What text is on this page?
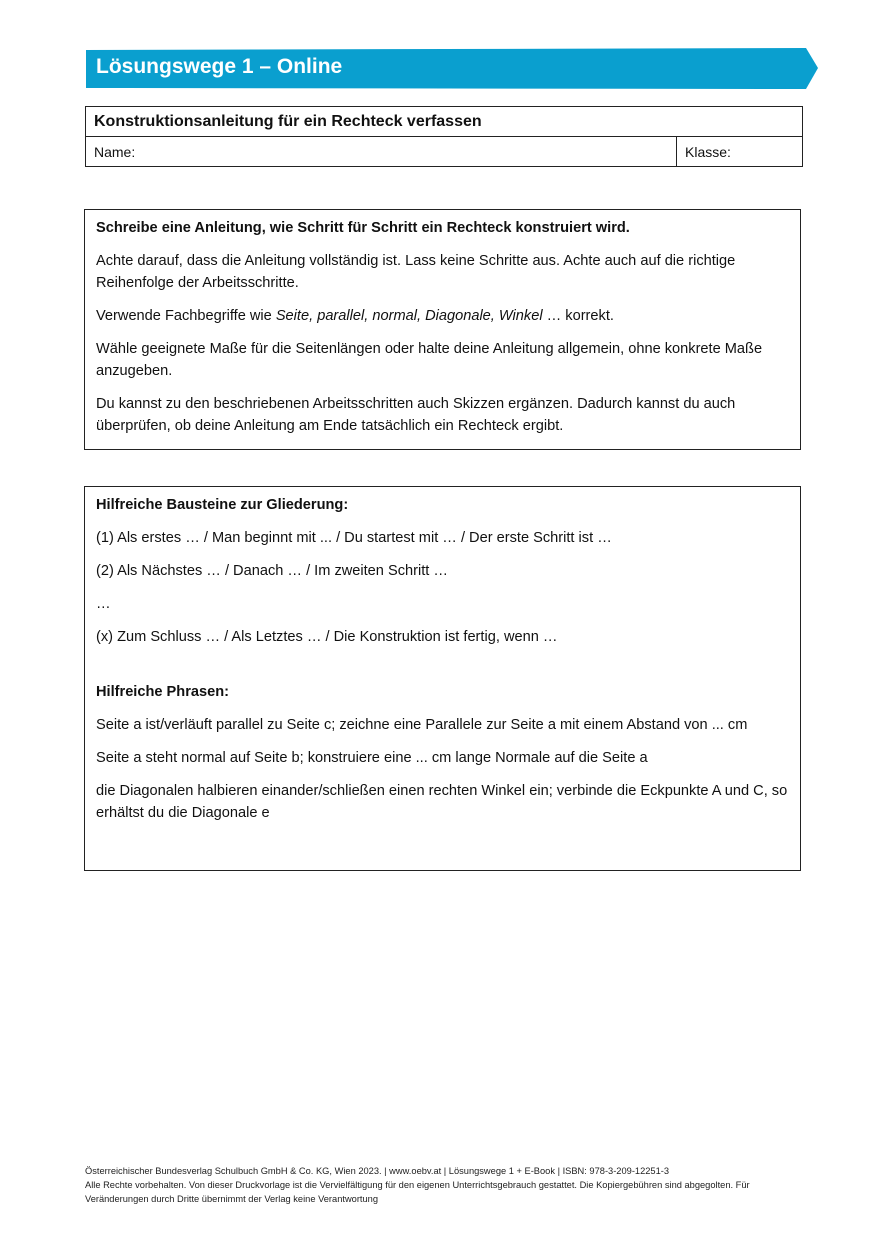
Lösungswege 1 – Online
Konstruktionsanleitung für ein Rechteck verfassen
Name:	Klasse:

Schreibe eine Anleitung, wie Schritt für Schritt ein Rechteck konstruiert wird.

Achte darauf, dass die Anleitung vollständig ist. Lass keine Schritte aus. Achte auch auf die richtige Reihenfolge der Arbeitsschritte.

Verwende Fachbegriffe wie Seite, parallel, normal, Diagonale, Winkel … korrekt.

Wähle geeignete Maße für die Seitenlängen oder halte deine Anleitung allgemein, ohne konkrete Maße anzugeben.

Du kannst zu den beschriebenen Arbeitsschritten auch Skizzen ergänzen. Dadurch kannst du auch überprüfen, ob deine Anleitung am Ende tatsächlich ein Rechteck ergibt.

Hilfreiche Bausteine zur Gliederung:

(1) Als erstes … / Man beginnt mit ... / Du startest mit … / Der erste Schritt ist …

(2) Als Nächstes … / Danach … / Im zweiten Schritt …

…

(x) Zum Schluss … / Als Letztes … / Die Konstruktion ist fertig, wenn …

Hilfreiche Phrasen:

Seite a ist/verläuft parallel zu Seite c; zeichne eine Parallele zur Seite a mit einem Abstand von ... cm

Seite a steht normal auf Seite b; konstruiere eine ... cm lange Normale auf die Seite a

die Diagonalen halbieren einander/schließen einen rechten Winkel ein; verbinde die Eckpunkte A und C, so erhältst du die Diagonale e

Österreichischer Bundesverlag Schulbuch GmbH & Co. KG, Wien 2023. | www.oebv.at | Lösungswege 1 + E-Book | ISBN: 978-3-209-12251-3
Alle Rechte vorbehalten. Von dieser Druckvorlage ist die Vervielfältigung für den eigenen Unterrichtsgebrauch gestattet. Die Kopiergebühren sind abgegolten. Für Veränderungen durch Dritte übernimmt der Verlag keine Verantwortung
